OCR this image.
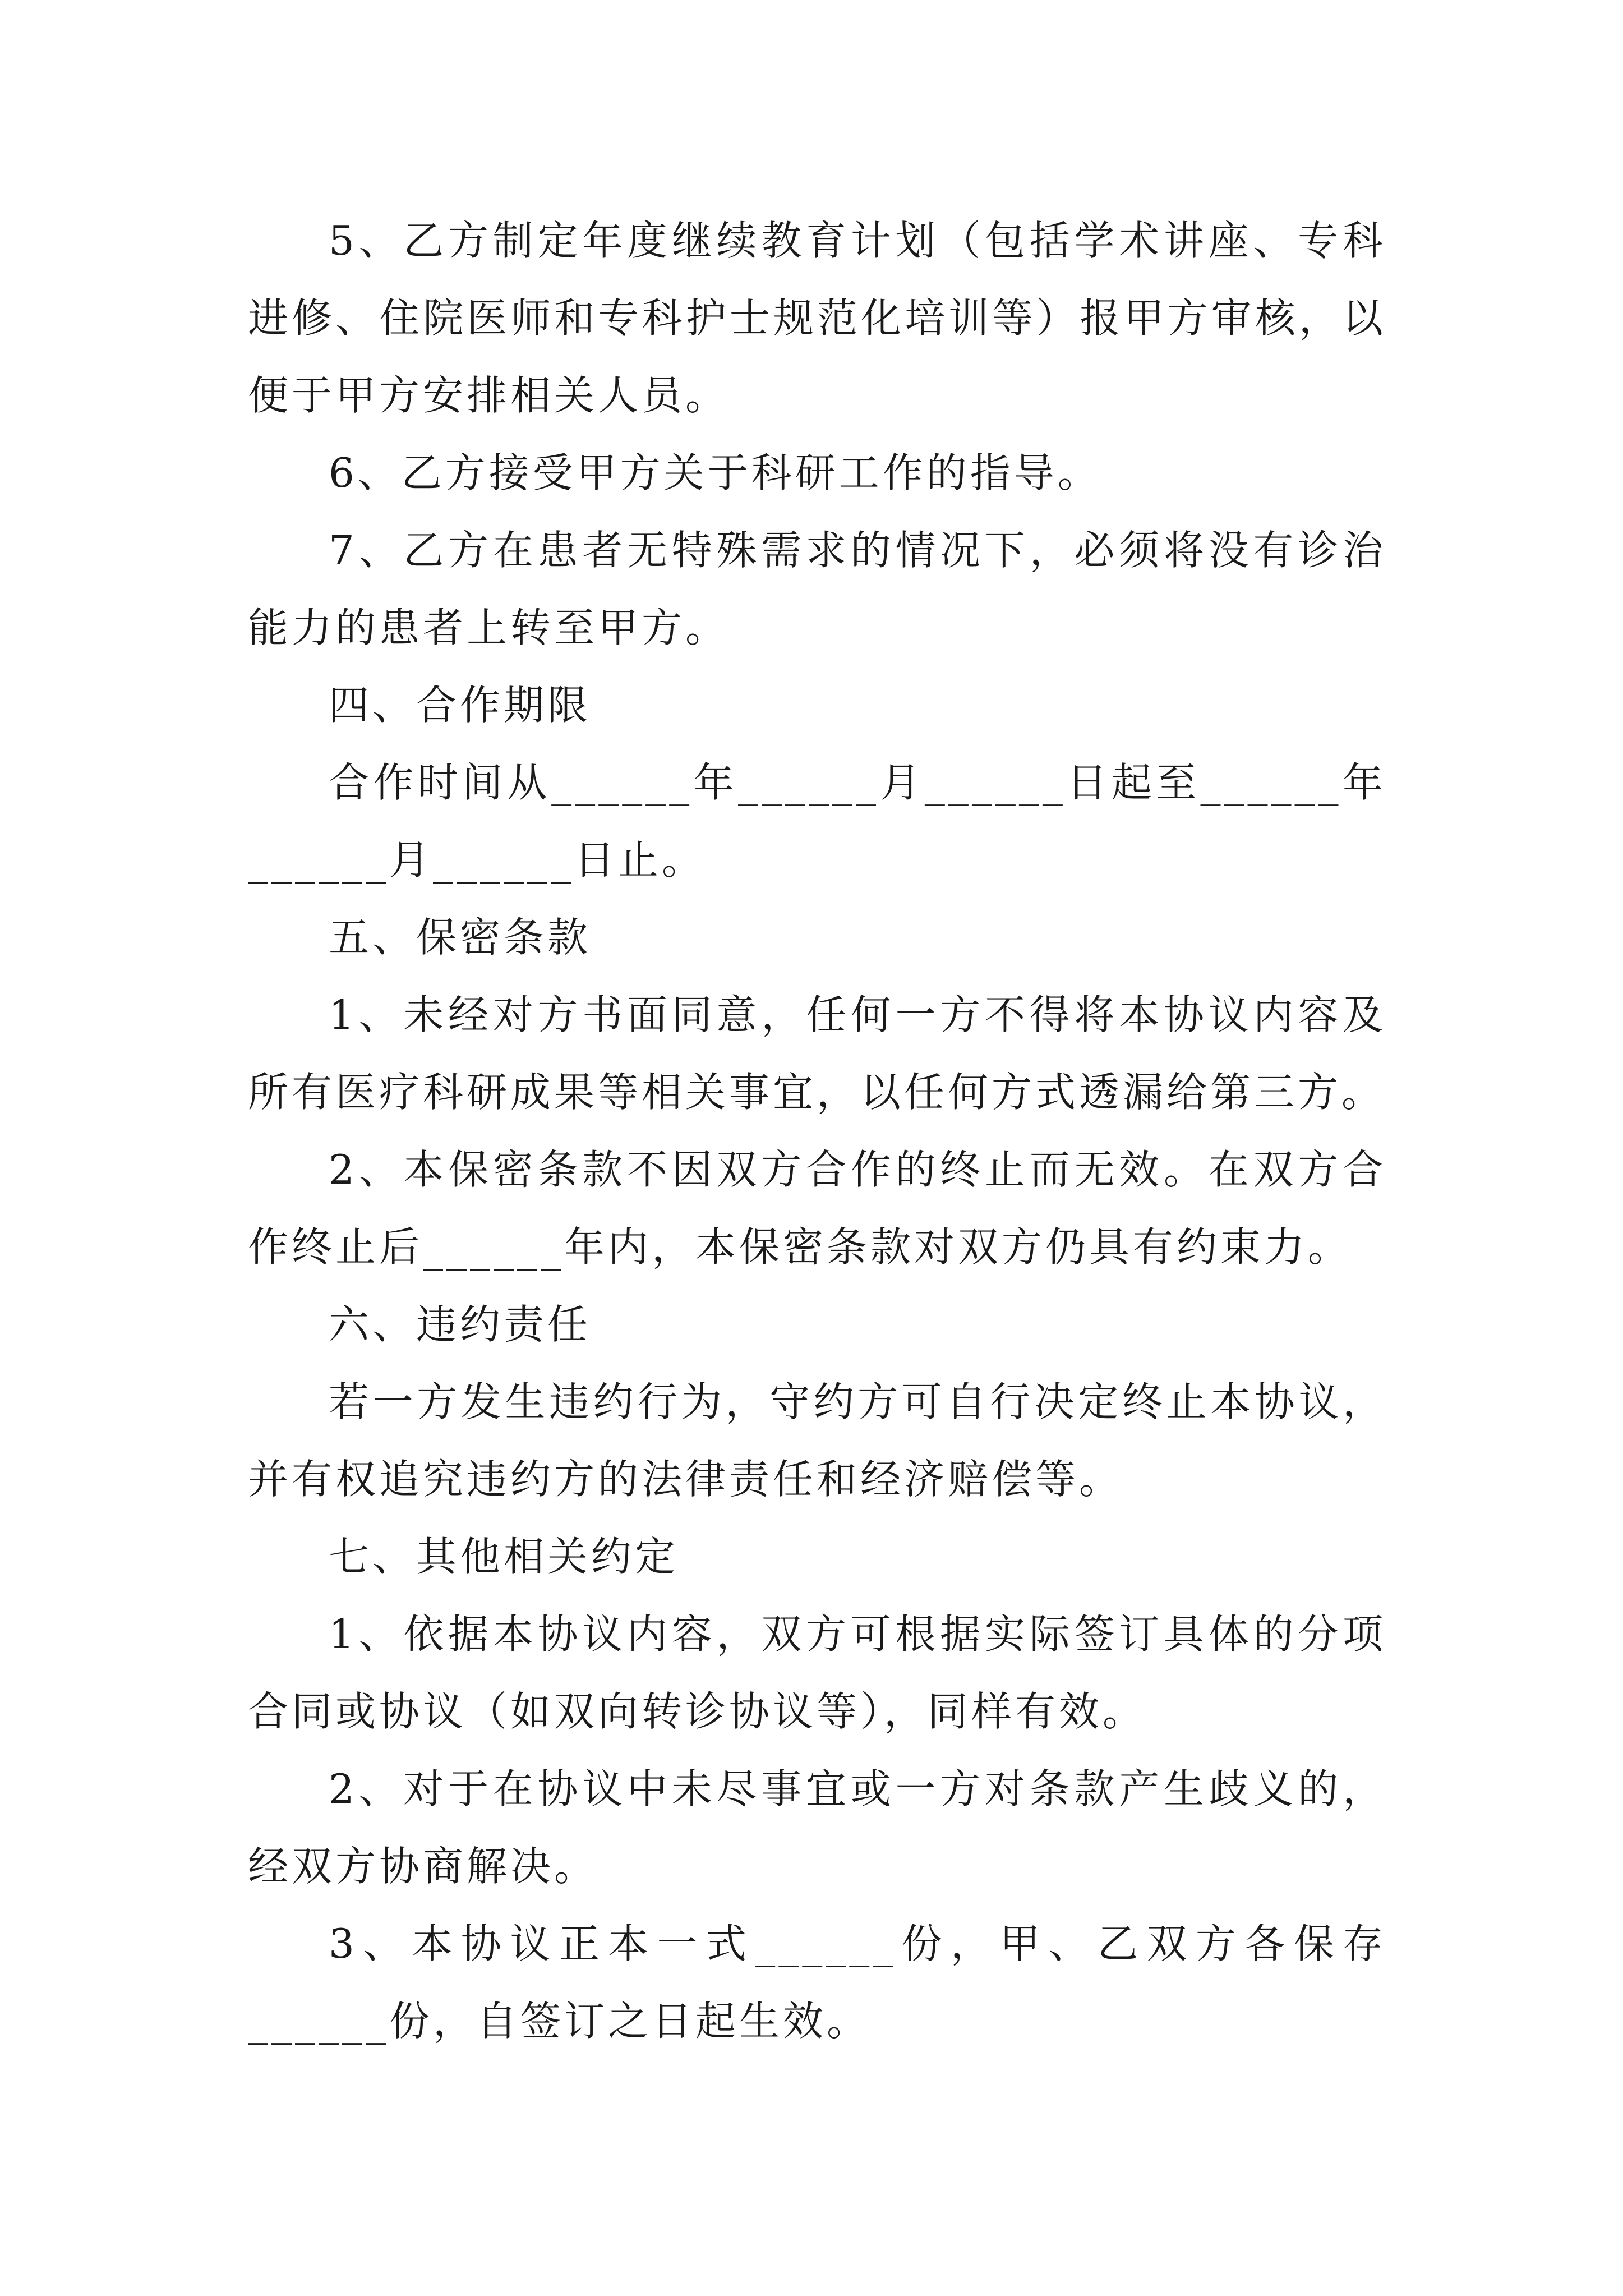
5、乙方制定年度继续教育计划（包括学术讲座、专科进修、住院医师和专科护士规范化培训等）报甲方审核，以便于甲方安排相关人员。

6、乙方接受甲方关于科研工作的指导。

7、乙方在患者无特殊需求的情况下，必须将没有诊治能力的患者上转至甲方。

四、合作期限

合作时间从______年______月______日起至______年______月______日止。

五、保密条款

1、未经对方书面同意，任何一方不得将本协议内容及所有医疗科研成果等相关事宜，以任何方式透漏给第三方。

2、本保密条款不因双方合作的终止而无效。在双方合作终止后______年内，本保密条款对双方仍具有约束力。

六、违约责任

若一方发生违约行为，守约方可自行决定终止本协议，并有权追究违约方的法律责任和经济赔偿等。

七、其他相关约定

1、依据本协议内容，双方可根据实际签订具体的分项合同或协议（如双向转诊协议等），同样有效。

2、对于在协议中未尽事宜或一方对条款产生歧义的，经双方协商解决。

3、本协议正本一式______份，甲、乙双方各保存______份，自签订之日起生效。
